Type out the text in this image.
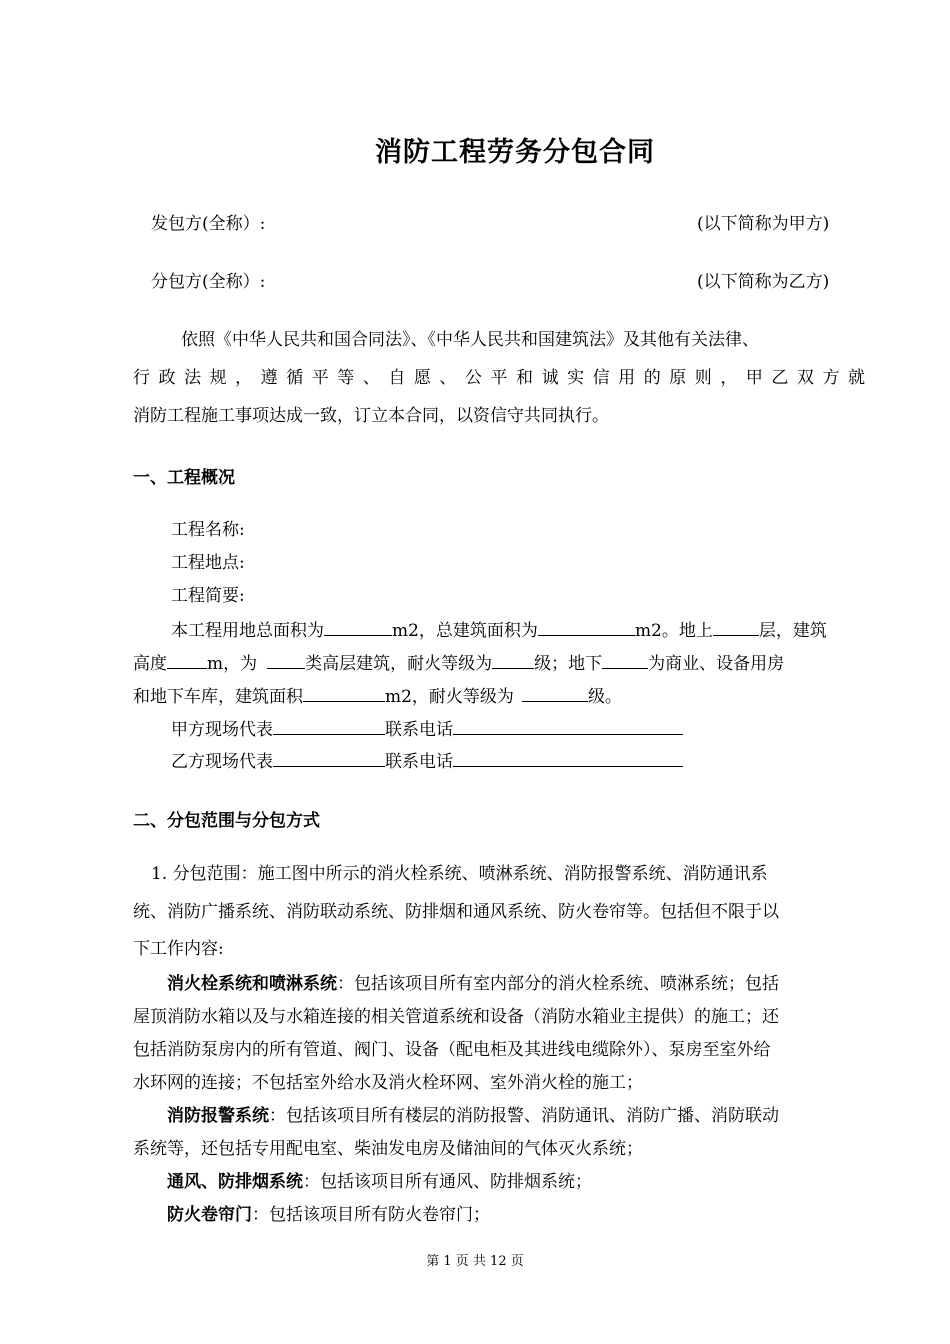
消防工程劳务分包合同
发包方(全称）:	(以下简称为甲方)
分包方(全称）:	(以下简称为乙方)
依照《中华人民共和国合同法》、《中华人民共和国建筑法》及其他有关法律、
行政法规，遵循平等、自愿、公平和诚实信用的原则，甲乙双方就
消防工程施工事项达成一致，订立本合同，以资信守共同执行。
一、工程概况
工程名称:
工程地点:
工程简要:
本工程用地总面积为	m2，总建筑面积为	m2。地上	层，建筑
高度 m，为	类高层建筑，耐火等级为 级；地下	为商业、设备用房
和地下车库，建筑面积	m2，耐火等级为	级。
甲方现场代表	联系电话
乙方现场代表	联系电话
二、分包范围与分包方式
1. 分包范围：施工图中所示的消火栓系统、喷淋系统、消防报警系统、消防通讯系
统、消防广播系统、消防联动系统、防排烟和通风系统、防火卷帘等。包括但不限于以
下工作内容:
消火栓系统和喷淋系统：包括该项目所有室内部分的消火栓系统、喷淋系统；包括
屋顶消防水箱以及与水箱连接的相关管道系统和设备（消防水箱业主提供）的施工；还
包括消防泵房内的所有管道、阀门、设备（配电柜及其进线电缆除外）、泵房至室外给
水环网的连接；不包括室外给水及消火栓环网、室外消火栓的施工；
消防报警系统：包括该项目所有楼层的消防报警、消防通讯、消防广播、消防联动
系统等，还包括专用配电室、柴油发电房及储油间的气体灭火系统；
通风、防排烟系统：包括该项目所有通风、防排烟系统；
防火卷帘门：包括该项目所有防火卷帘门；
第 1 页 共 12 页
